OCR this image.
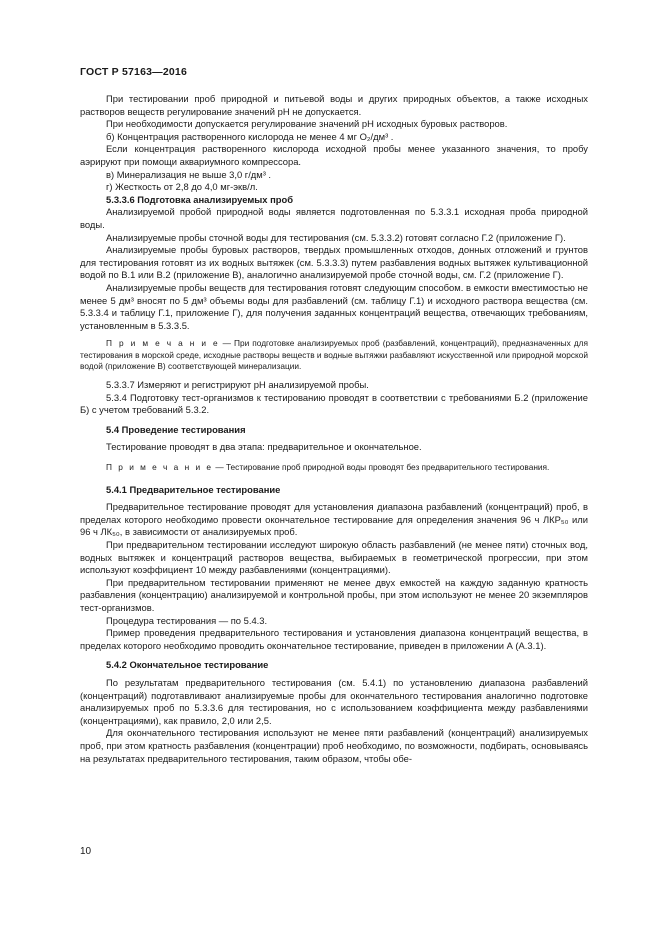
ГОСТ Р 57163—2016

При тестировании проб природной и питьевой воды и других природных объектов, а также исходных растворов веществ регулирование значений pH не допускается.

При необходимости допускается регулирование значений pH исходных буровых растворов.

б) Концентрация растворенного кислорода не менее 4 мг O₂/дм³ .

Если концентрация растворенного кислорода исходной пробы менее указанного значения, то пробу аэрируют при помощи аквариумного компрессора.

в) Минерализация не выше 3,0 г/дм³ .

г) Жесткость от 2,8 до 4,0 мг-экв/л.

5.3.3.6 Подготовка анализируемых проб

Анализируемой пробой природной воды является подготовленная по 5.3.3.1 исходная проба природной воды.

Анализируемые пробы сточной воды для тестирования (см. 5.3.3.2) готовят согласно Г.2 (приложение Г).

Анализируемые пробы буровых растворов, твердых промышленных отходов, донных отложений и грунтов для тестирования готовят из их водных вытяжек (см. 5.3.3.3) путем разбавления водных вытяжек культивационной водой по В.1 или В.2 (приложение В), аналогично анализируемой пробе сточной воды, см. Г.2 (приложение Г).

Анализируемые пробы веществ для тестирования готовят следующим способом. в емкости вместимостью не менее 5 дм³ вносят по 5 дм³ объемы воды для разбавлений (см. таблицу Г.1) и исходного раствора вещества (см. 5.3.3.4 и таблицу Г.1, приложение Г), для получения заданных концентраций вещества, отвечающих требованиям, установленным в 5.3.3.5.

П р и м е ч а н и е — При подготовке анализируемых проб (разбавлений, концентраций), предназначенных для тестирования в морской среде, исходные растворы веществ и водные вытяжки разбавляют искусственной или природной морской водой (приложение В) соответствующей минерализации.

5.3.3.7 Измеряют и регистрируют pH анализируемой пробы.

5.3.4 Подготовку тест-организмов к тестированию проводят в соответствии с требованиями Б.2 (приложение Б) с учетом требований 5.3.2.

5.4 Проведение тестирования

Тестирование проводят в два этапа: предварительное и окончательное.

П р и м е ч а н и е — Тестирование проб природной воды проводят без предварительного тестирования.

5.4.1 Предварительное тестирование

Предварительное тестирование проводят для установления диапазона разбавлений (концентраций) проб, в пределах которого необходимо провести окончательное тестирование для определения значения 96 ч ЛКР₅₀ или 96 ч ЛК₅₀, в зависимости от анализируемых проб.

При предварительном тестировании исследуют широкую область разбавлений (не менее пяти) сточных вод, водных вытяжек и концентраций растворов вещества, выбираемых в геометрической прогрессии, при этом используют коэффициент 10 между разбавлениями (концентрациями).

При предварительном тестировании применяют не менее двух емкостей на каждую заданную кратность разбавления (концентрацию) анализируемой и контрольной пробы, при этом используют не менее 20 экземпляров тест-организмов.

Процедура тестирования — по 5.4.3.

Пример проведения предварительного тестирования и установления диапазона концентраций вещества, в пределах которого необходимо проводить окончательное тестирование, приведен в приложении А (А.3.1).

5.4.2 Окончательное тестирование

По результатам предварительного тестирования (см. 5.4.1) по установлению диапазона разбавлений (концентраций) подготавливают анализируемые пробы для окончательного тестирования аналогично подготовке анализируемых проб по 5.3.3.6 для тестирования, но с использованием коэффициента между разбавлениями (концентрациями), как правило, 2,0 или 2,5.

Для окончательного тестирования используют не менее пяти разбавлений (концентраций) анализируемых проб, при этом кратность разбавления (концентрации) проб необходимо, по возможности, подбирать, основываясь на результатах предварительного тестирования, таким образом, чтобы обе-

10
